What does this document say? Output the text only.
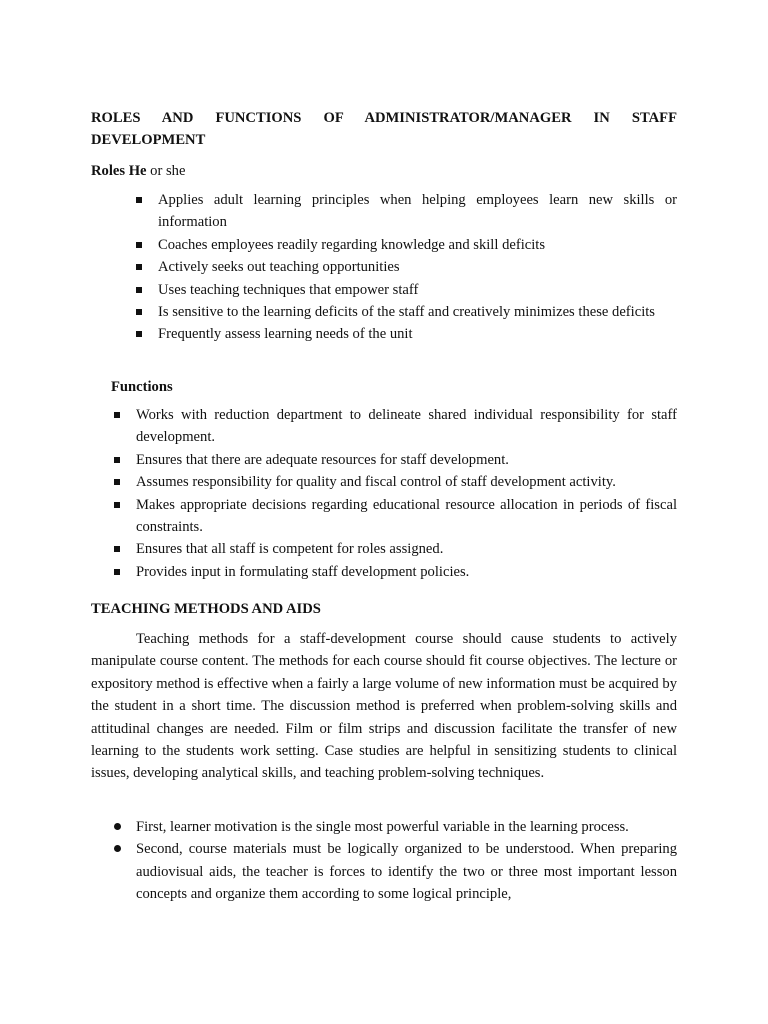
ROLES AND FUNCTIONS OF ADMINISTRATOR/MANAGER IN STAFF DEVELOPMENT
Roles He or she
Applies adult learning principles when helping employees learn new skills or information
Coaches employees readily regarding knowledge and skill deficits
Actively seeks out teaching opportunities
Uses teaching techniques that empower staff
Is sensitive to the learning deficits of the staff and creatively minimizes these deficits
Frequently assess learning needs of the unit
Functions
Works with reduction department to delineate shared individual responsibility for staff development.
Ensures that there are adequate resources for staff development.
Assumes responsibility for quality and fiscal control of staff development activity.
Makes appropriate decisions regarding educational resource allocation in periods of fiscal constraints.
Ensures that all staff is competent for roles assigned.
Provides input in formulating staff development policies.
TEACHING METHODS AND AIDS
Teaching methods for a staff-development course should cause students to actively manipulate course content. The methods for each course should fit course objectives. The lecture or expository method is effective when a fairly a large volume of new information must be acquired by the student in a short time. The discussion method is preferred when problem-solving skills and attitudinal changes are needed. Film or film strips and discussion facilitate the transfer of new learning to the students work setting. Case studies are helpful in sensitizing students to clinical issues, developing analytical skills, and teaching problem-solving techniques.
First, learner motivation is the single most powerful variable in the learning process.
Second, course materials must be logically organized to be understood. When preparing audiovisual aids, the teacher is forces to identify the two or three most important lesson concepts and organize them according to some logical principle,
